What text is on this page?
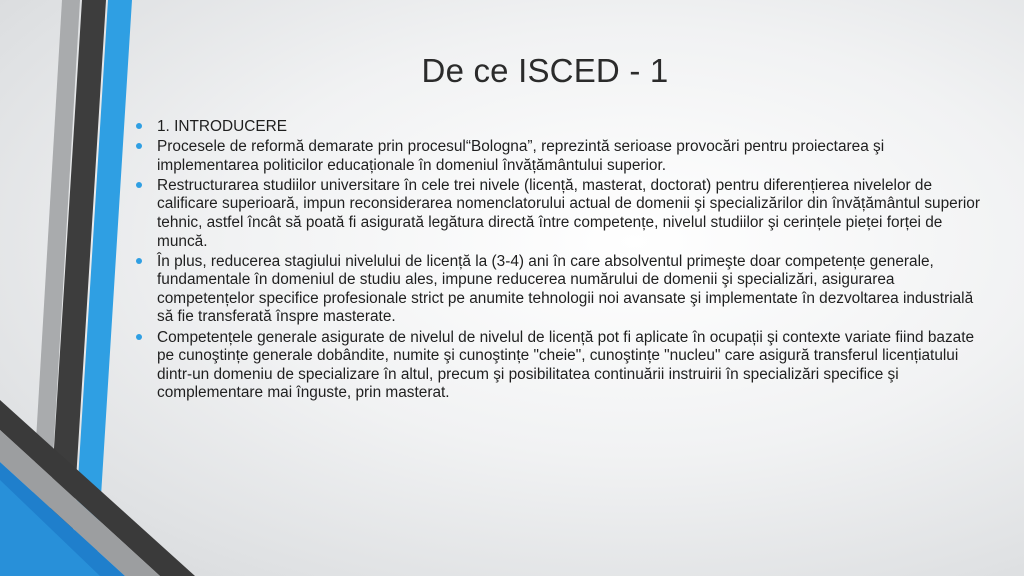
De ce ISCED - 1
1. INTRODUCERE
Procesele de reformă demarate prin procesul“Bologna”, reprezintă serioase provocări pentru proiectarea şi implementarea politicilor educaționale în domeniul învățământului superior.
Restructurarea studiilor universitare în cele trei nivele (licență, masterat, doctorat) pentru diferențierea nivelelor de calificare superioară, impun reconsiderarea nomenclatorului actual de domenii şi specializărilor din învățământul superior tehnic, astfel încât să poată fi asigurată legătura directă între competențe, nivelul studiilor şi cerințele pieței forței de muncă.
În plus, reducerea stagiului nivelului de licență la (3-4) ani în care absolventul primeşte doar competențe generale, fundamentale în domeniul de studiu ales, impune reducerea numărului de domenii şi specializări, asigurarea competențelor specifice profesionale strict pe anumite tehnologii noi avansate şi implementate în dezvoltarea industrială să fie transferată înspre masterate.
Competențele generale asigurate de nivelul de nivelul de licență pot fi aplicate în ocupații şi contexte variate fiind bazate pe cunoştințe generale dobândite, numite şi cunoştințe "cheie", cunoştințe "nucleu" care asigură transferul licențiatului dintr-un domeniu de specializare în altul, precum şi posibilitatea continuării instruirii în specializări specifice şi complementare mai înguste, prin masterat.
